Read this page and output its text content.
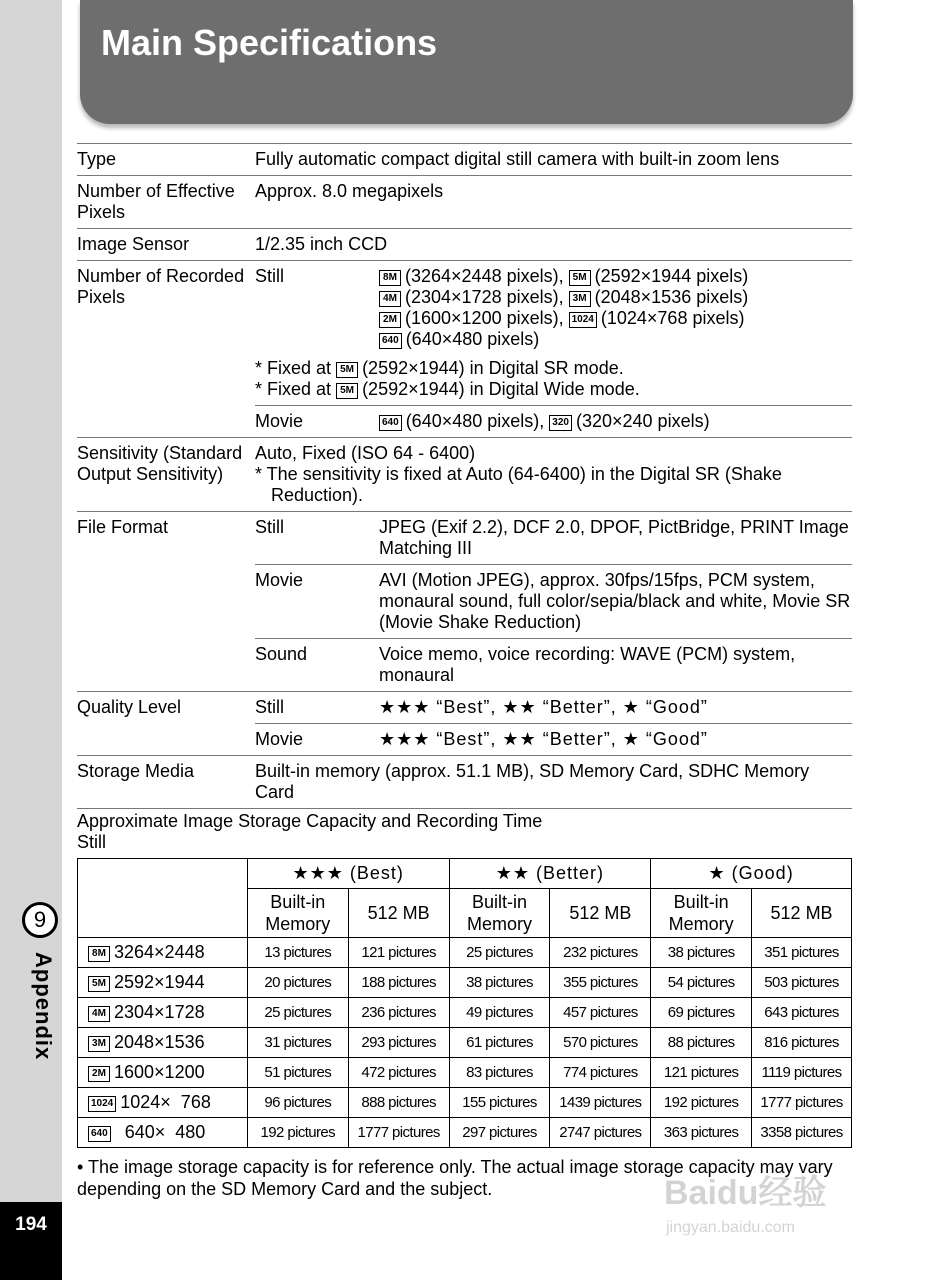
9
Appendix
194
Main Specifications
Type	Fully automatic compact digital still camera with built-in zoom lens	
Number of Effective Pixels	Approx. 8.0 megapixels	
Image Sensor	1/2.35 inch CCD	
Number of Recorded Pixels	Still	8M (3264×2448 pixels), 5M (2592×1944 pixels)
4M (2304×1728 pixels), 3M (2048×1536 pixels)
2M (1600×1200 pixels), 1024 (1024×768 pixels)
640 (640×480 pixels)

	* Fixed at 5M (2592×1944) in Digital SR mode.
* Fixed at 5M (2592×1944) in Digital Wide mode.	

	Movie	640 (640×480 pixels), 320 (320×240 pixels)
Sensitivity (Standard Output Sensitivity)	Auto, Fixed (ISO 64 - 6400)
* The sensitivity is fixed at Auto (64-6400) in the Digital SR (Shake Reduction).	

File Format	Still	JPEG (Exif 2.2), DCF 2.0, DPOF, PictBridge, PRINT Image Matching III
	Movie	AVI (Motion JPEG), approx. 30fps/15fps, PCM system, monaural sound, full color/sepia/black and white, Movie SR (Movie Shake Reduction)
	Sound	Voice memo, voice recording: WAVE (PCM) system, monaural
Quality Level	Still	★★★ “Best”, ★★ “Better”, ★ “Good”
	Movie	★★★ “Best”, ★★ “Better”, ★ “Good”
Storage Media	Built-in memory (approx. 51.1 MB), SD Memory Card, SDHC Memory Card	
Approximate Image Storage Capacity and Recording Time
Still
	★★★ (Best)		★★ (Better)		★ (Good)	
	Built-in Memory	512 MB	Built-in Memory	512 MB	Built-in Memory	512 MB
8M 3264×2448	13 pictures	121 pictures	25 pictures	232 pictures	38 pictures	351 pictures
5M 2592×1944	20 pictures	188 pictures	38 pictures	355 pictures	54 pictures	503 pictures
4M 2304×1728	25 pictures	236 pictures	49 pictures	457 pictures	69 pictures	643 pictures
3M 2048×1536	31 pictures	293 pictures	61 pictures	570 pictures	88 pictures	816 pictures
2M 1600×1200	51 pictures	472 pictures	83 pictures	774 pictures	121 pictures	1119 pictures
1024 1024×  768	96 pictures	888 pictures	155 pictures	1439 pictures	192 pictures	1777 pictures
640  640×  480	192 pictures	1777 pictures	297 pictures	2747 pictures	363 pictures	3358 pictures
• The image storage capacity is for reference only. The actual image storage capacity may vary depending on the SD Memory Card and the subject.	Baidu经验
jingyan.baidu.com
